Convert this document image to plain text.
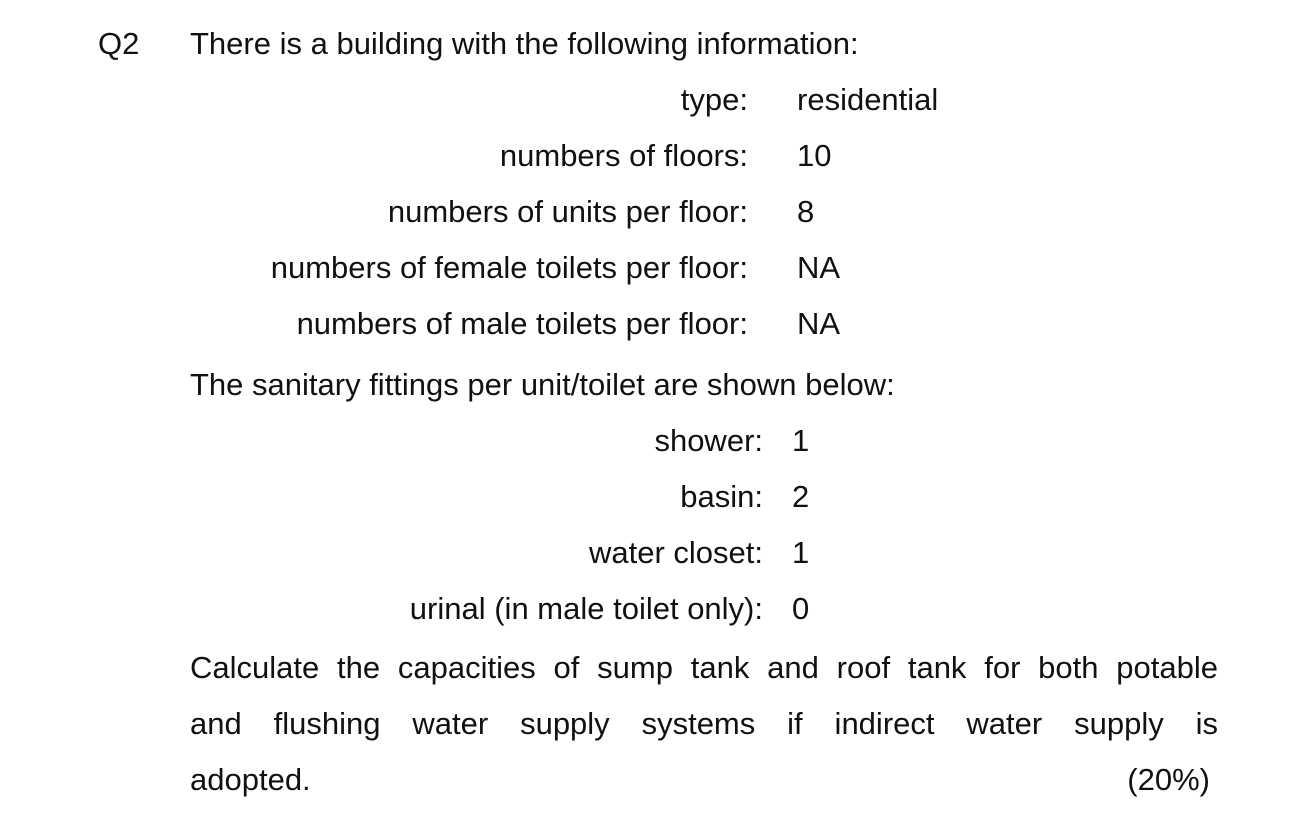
Q2 There is a building with the following information:
type: residential
numbers of floors: 10
numbers of units per floor: 8
numbers of female toilets per floor: NA
numbers of male toilets per floor: NA
The sanitary fittings per unit/toilet are shown below:
shower: 1
basin: 2
water closet: 1
urinal (in male toilet only): 0
Calculate the capacities of sump tank and roof tank for both potable
and flushing water supply systems if indirect water supply is
adopted.	(20%)
